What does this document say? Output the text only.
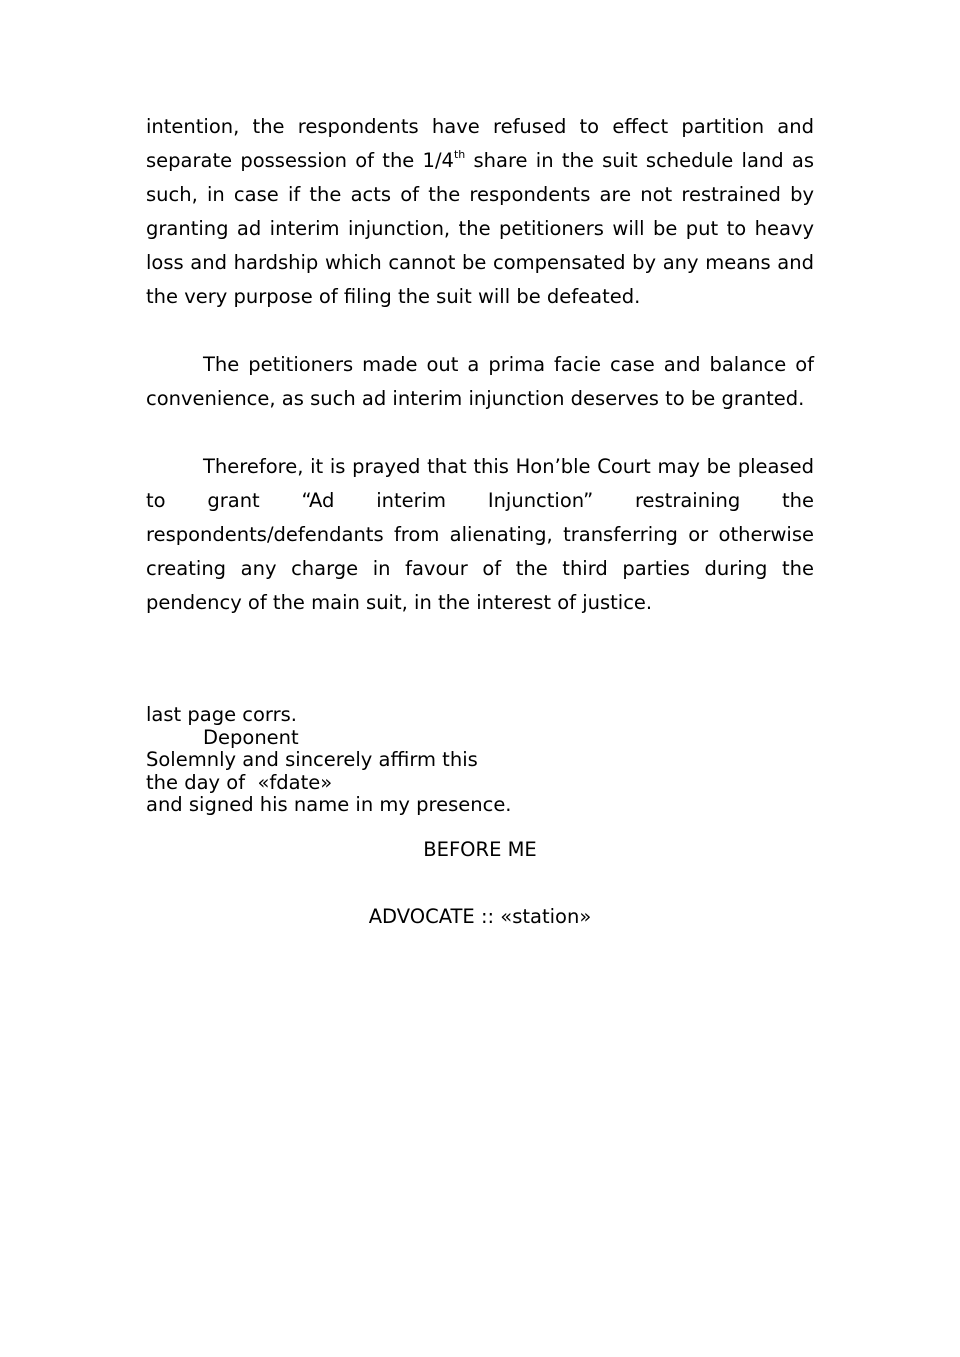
intention, the respondents have refused to effect partition and separate possession of the 1/4th share in the suit schedule land as such, in case if the acts of the respondents are not restrained by granting ad interim injunction, the petitioners will be put to heavy loss and hardship which cannot be compensated by any means and the very purpose of filing the suit will be defeated.

The petitioners made out a prima facie case and balance of convenience, as such ad interim injunction deserves to be granted.

Therefore, it is prayed that this Hon’ble Court may be pleased to grant “Ad interim Injunction” restraining the respondents/defendants from alienating, transferring or otherwise creating any charge in favour of the third parties during the pendency of the main suit, in the interest of justice.

last page corrs.
Deponent
Solemnly and sincerely affirm this
the day of  «fdate»
and signed his name in my presence.
BEFORE ME
ADVOCATE :: «station»
